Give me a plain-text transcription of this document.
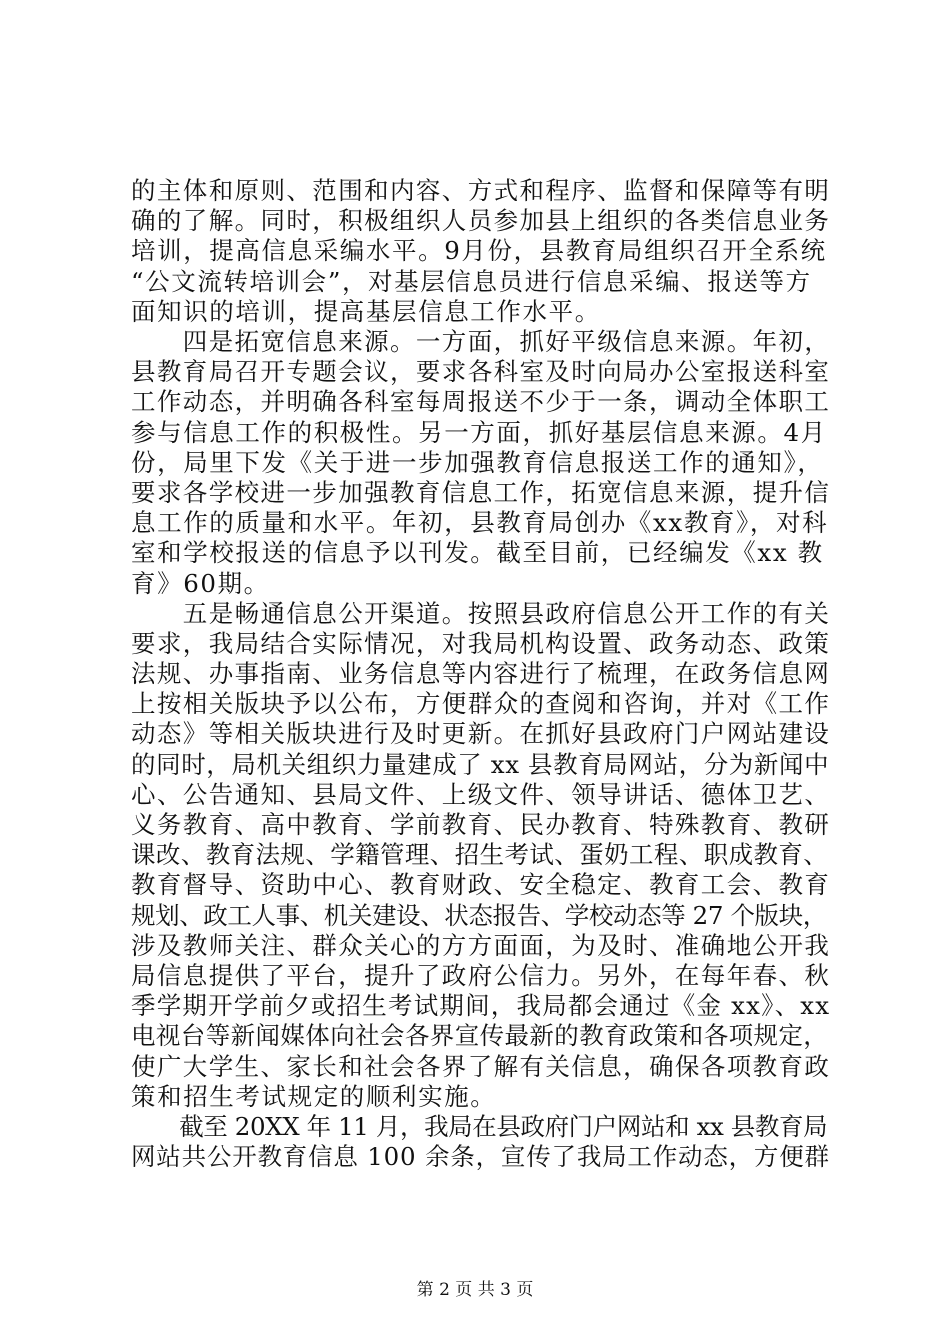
的主体和原则、范围和内容、方式和程序、监督和保障等有明
确的了解。同时，积极组织人员参加县上组织的各类信息业务
培训，提高信息采编水平。9月份，县教育局组织召开全系统
“公文流转培训会”，对基层信息员进行信息采编、报送等方
面知识的培训，提高基层信息工作水平。
　　四是拓宽信息来源。一方面，抓好平级信息来源。年初，
县教育局召开专题会议，要求各科室及时向局办公室报送科室
工作动态，并明确各科室每周报送不少于一条，调动全体职工
参与信息工作的积极性。另一方面，抓好基层信息来源。4月
份，局里下发《关于进一步加强教育信息报送工作的通知》，
要求各学校进一步加强教育信息工作，拓宽信息来源，提升信
息工作的质量和水平。年初，县教育局创办《xx教育》，对科
室和学校报送的信息予以刊发。截至目前，已经编发《xx 教
育》60期。
　　五是畅通信息公开渠道。按照县政府信息公开工作的有关
要求，我局结合实际情况，对我局机构设置、政务动态、政策
法规、办事指南、业务信息等内容进行了梳理，在政务信息网
上按相关版块予以公布，方便群众的查阅和咨询，并对《工作
动态》等相关版块进行及时更新。在抓好县政府门户网站建设
的同时，局机关组织力量建成了 xx 县教育局网站，分为新闻中
心、公告通知、县局文件、上级文件、领导讲话、德体卫艺、
义务教育、高中教育、学前教育、民办教育、特殊教育、教研
课改、教育法规、学籍管理、招生考试、蛋奶工程、职成教育、
教育督导、资助中心、教育财政、安全稳定、教育工会、教育
规划、政工人事、机关建设、状态报告、学校动态等 27 个版块，
涉及教师关注、群众关心的方方面面，为及时、准确地公开我
局信息提供了平台，提升了政府公信力。另外，在每年春、秋
季学期开学前夕或招生考试期间，我局都会通过《金 xx》、xx
电视台等新闻媒体向社会各界宣传最新的教育政策和各项规定，
使广大学生、家长和社会各界了解有关信息，确保各项教育政
策和招生考试规定的顺利实施。
　　截至 20XX 年 11 月，我局在县政府门户网站和 xx 县教育局
网站共公开教育信息 100 余条，宣传了我局工作动态，方便群
第 2 页 共 3 页
